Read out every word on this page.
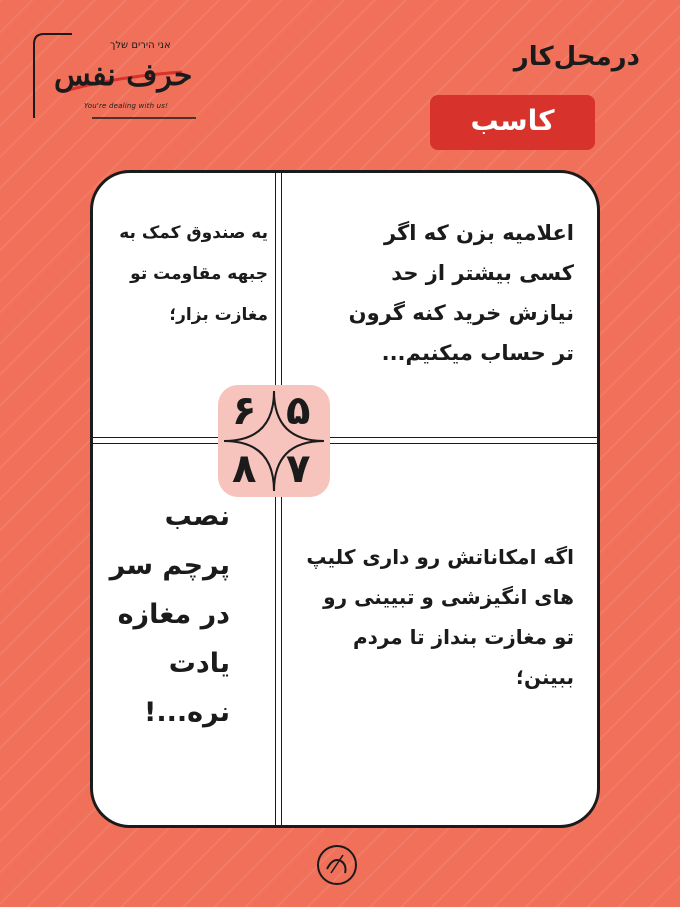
אני הירים שלך
حرف نفس
You're dealing with us!
درمحل‌کار
کاسب
۶ ۵
۸ ۷
اعلامیه بزن که اگر کسی بیشتر از حد نیازش خرید کنه گرون تر حساب میکنیم...
یه صندوق کمک به جبهه مقاومت تو مغازت بزار؛
اگه امکاناتش رو داری کلیپ های انگیزشی و تبیینی رو تو مغازت بنداز تا مردم ببینن؛
نصب پرچم سر در مغازه یادت نره...!
